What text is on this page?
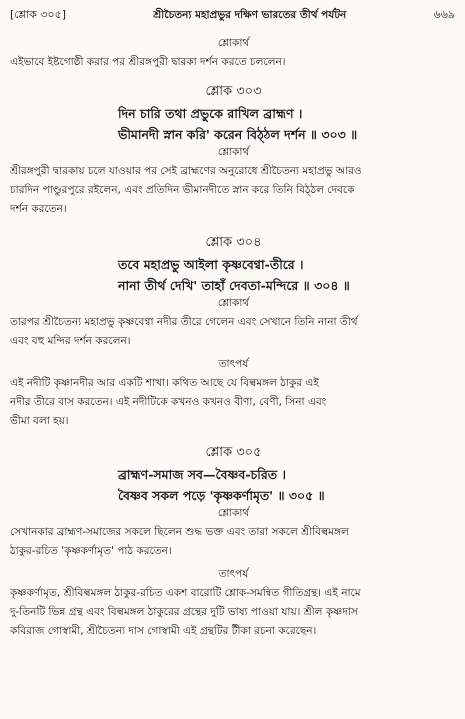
[শ্লোক ৩০৫]	শ্রীচৈতন্য মহাপ্রভুর দক্ষিণ ভারতের তীর্থ পর্যটন	৬৬৯

শ্লোকার্থ

এইভাবে ইষ্টগোষ্ঠী করার পর শ্রীরঙ্গপুরী দ্বারকা দর্শন করতে চললেন।

শ্লোক ৩০৩

দিন চারি তথা প্রভুকে রাখিল ব্রাহ্মণ ।
ভীমানদী স্নান করি' করেন বিঠ্‌ঠল দর্শন ॥ ৩০৩ ॥

শ্লোকার্থ

শ্রীরঙ্গপুরী দ্বারকায় চলে যাওয়ার পর সেই ব্রাহ্মণের অনুরোধে শ্রীচৈতন্য মহাপ্রভু আরও

চারদিন পাণ্ডুরপুরে রইলেন, এবং প্রতিদিন ভীমানদীতে স্নান করে তিনি বিঠ্‌ঠল দেবকে

দর্শন করতেন।

শ্লোক ৩০৪

তবে মহাপ্রভু আইলা কৃষ্ণবেণ্বা-তীরে ।
নানা তীর্থ দেখি' তাহাঁ দেবতা-মন্দিরে ॥ ৩০৪ ॥

শ্লোকার্থ

তারপর শ্রীচৈতন্য মহাপ্রভু কৃষ্ণবেণ্বা নদীর তীরে গেলেন এবং সেখানে তিনি নানা তীর্থ

এবং বহু মন্দির দর্শন করলেন।

তাৎপর্য

এই নদীটি কৃষ্ণানদীর আর একটি শাখা। কথিত আছে যে বিল্বমঙ্গল ঠাকুর এই

নদীর তীরে বাস করতেন। এই নদীটিকে কখনও কখনও বীণা, বেণী, সিনা এবং

ভীমা বলা হয়।

শ্লোক ৩০৫

ব্রাহ্মণ-সমাজ সব—বৈষ্ণব-চরিত ।
বৈষ্ণব সকল পড়ে 'কৃষ্ণকর্ণামৃত' ॥ ৩০৫ ॥

শ্লোকার্থ

সেখানকার ব্রাহ্মণ-সমাজের সকলে ছিলেন শুদ্ধ ভক্ত এবং তারা সকলে শ্রীবিল্বমঙ্গল

ঠাকুর-রচিত 'কৃষ্ণকর্ণামৃত' পাঠ করতেন।

তাৎপর্য

কৃষ্ণকর্ণামৃত, শ্রীবিল্বমঙ্গল ঠাকুর-রচিত একশ বারোটি শ্লোক-সমন্বিত গীতিগ্রন্থ। এই নামে

দু-তিনটি ভিন্ন গ্রন্থ এবং বিল্বমঙ্গল ঠাকুরের গ্রন্থের দুটি ভাষ্য পাওয়া যায়। শ্রীল কৃষ্ণদাস

কবিরাজ গোস্বামী, শ্রীচৈতন্য দাস গোস্বামী এই গ্রন্থটির টীকা রচনা করেছেন।
